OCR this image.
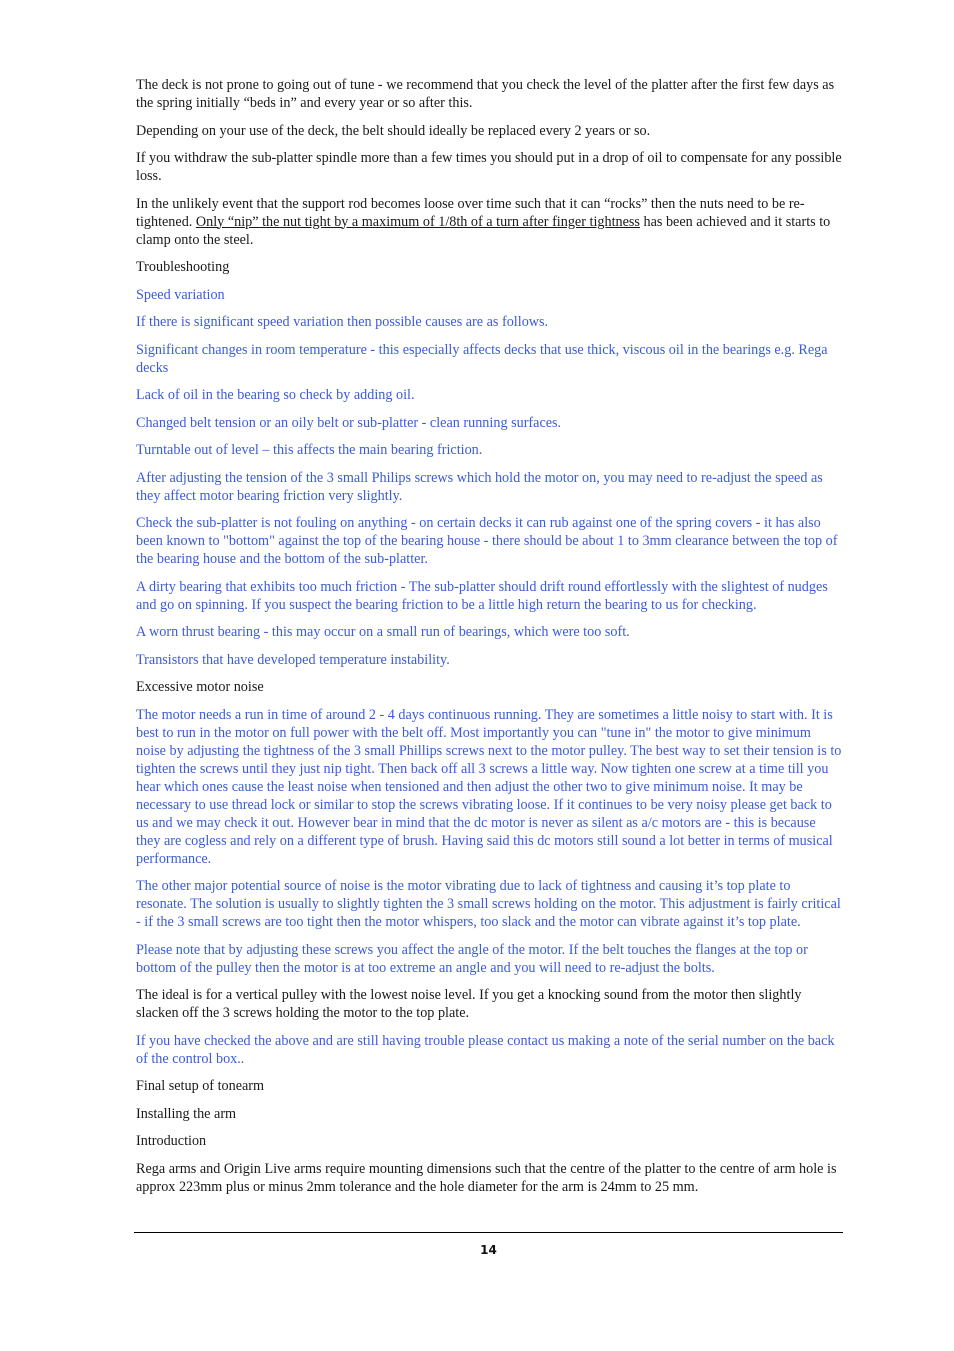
The deck is not prone to going out of tune - we recommend that you check the level of the platter after the first few days as the spring initially “beds in” and every year or so after this.

Depending on your use of the deck, the belt should ideally be replaced every 2 years or so.

If you withdraw the sub-platter spindle more than a few times you should put in a drop of oil to compensate for any possible loss.

In the unlikely event that the support rod becomes loose over time such that it can “rocks” then the nuts need to be re-tightened. Only “nip” the nut tight by a maximum of 1/8th of a turn after finger tightness has been achieved and it starts to clamp onto the steel.

Troubleshooting

Speed variation

If there is significant speed variation then possible causes are as follows.

Significant changes in room temperature - this especially affects decks that use thick, viscous oil in the bearings e.g. Rega decks

Lack of oil in the bearing so check by adding oil.

Changed belt tension or an oily belt or sub-platter - clean running surfaces.

Turntable out of level – this affects the main bearing friction.

After adjusting the tension of the 3 small Philips screws which hold the motor on, you may need to re-adjust the speed as they affect motor bearing friction very slightly.

Check the sub-platter is not fouling on anything - on certain decks it can rub against one of the spring covers - it has also been known to "bottom" against the top of the bearing house - there should be about 1 to 3mm clearance between the top of the bearing house and the bottom of the sub-platter.

A dirty bearing that exhibits too much friction - The sub-platter should drift round effortlessly with the slightest of nudges and go on spinning. If you suspect the bearing friction to be a little high return the bearing to us for checking.

A worn thrust bearing - this may occur on a small run of bearings, which were too soft.

Transistors that have developed temperature instability.

Excessive motor noise

The motor needs a run in time of around 2 - 4 days continuous running. They are sometimes a little noisy to start with. It is best to run in the motor on full power with the belt off. Most importantly you can "tune in" the motor to give minimum noise by adjusting the tightness of the 3 small Phillips screws next to the motor pulley. The best way to set their tension is to tighten the screws until they just nip tight. Then back off all 3 screws a little way. Now tighten one screw at a time till you hear which ones cause the least noise when tensioned and then adjust the other two to give minimum noise. It may be necessary to use thread lock or similar to stop the screws vibrating loose. If it continues to be very noisy please get back to us and we may check it out. However bear in mind that the dc motor is never as silent as a/c motors are - this is because they are cogless and rely on a different type of brush. Having said this dc motors still sound a lot better in terms of musical performance.

The other major potential source of noise is the motor vibrating due to lack of tightness and causing it’s top plate to resonate. The solution is usually to slightly tighten the 3 small screws holding on the motor. This adjustment is fairly critical - if the 3 small screws are too tight then the motor whispers, too slack and the motor can vibrate against it’s top plate.

Please note that by adjusting these screws you affect the angle of the motor. If the belt touches the flanges at the top or bottom of the pulley then the motor is at too extreme an angle and you will need to re-adjust the bolts.

The ideal is for a vertical pulley with the lowest noise level. If you get a knocking sound from the motor then slightly slacken off the 3 screws holding the motor to the top plate.

If you have checked the above and are still having trouble please contact us making a note of the serial number on the back of the control box..

Final setup of tonearm

Installing the arm

Introduction

Rega arms and Origin Live arms require mounting dimensions such that the centre of the platter to the centre of arm hole is approx 223mm plus or minus 2mm tolerance and the hole diameter for the arm is 24mm to 25 mm.

14
